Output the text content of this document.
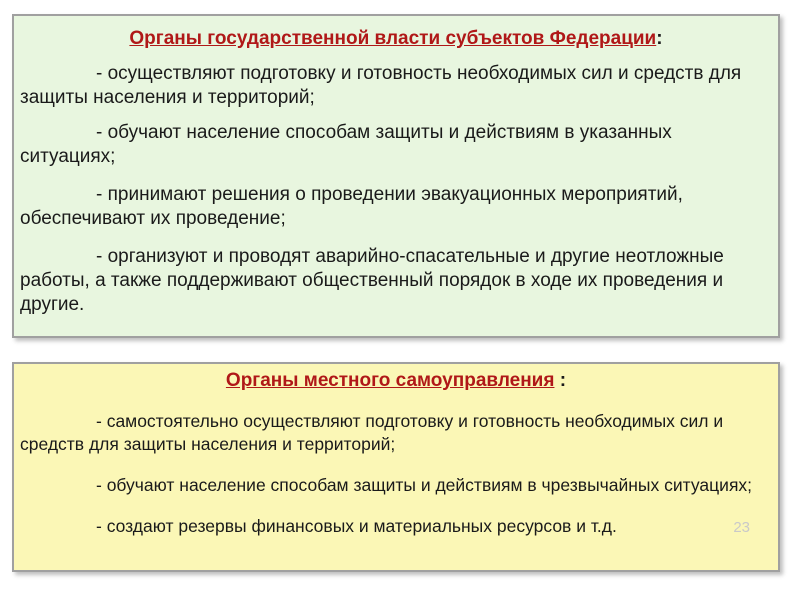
Органы государственной власти субъектов Федерации:

- осуществляют подготовку и готовность необходимых сил и средств для защиты населения и территорий;

- обучают население способам защиты и действиям в указанных ситуациях;

- принимают решения о проведении эвакуационных мероприятий, обеспечивают их проведение;

- организуют и проводят аварийно-спасательные и другие неотложные работы, а также поддерживают общественный порядок в ходе их проведения и другие.

Органы местного самоуправления :

- самостоятельно осуществляют подготовку и готовность необходимых сил и средств для защиты населения и территорий;

- обучают население способам защиты и действиям в чрезвычайных ситуациях;

- создают резервы финансовых и материальных ресурсов и т.д.	23
